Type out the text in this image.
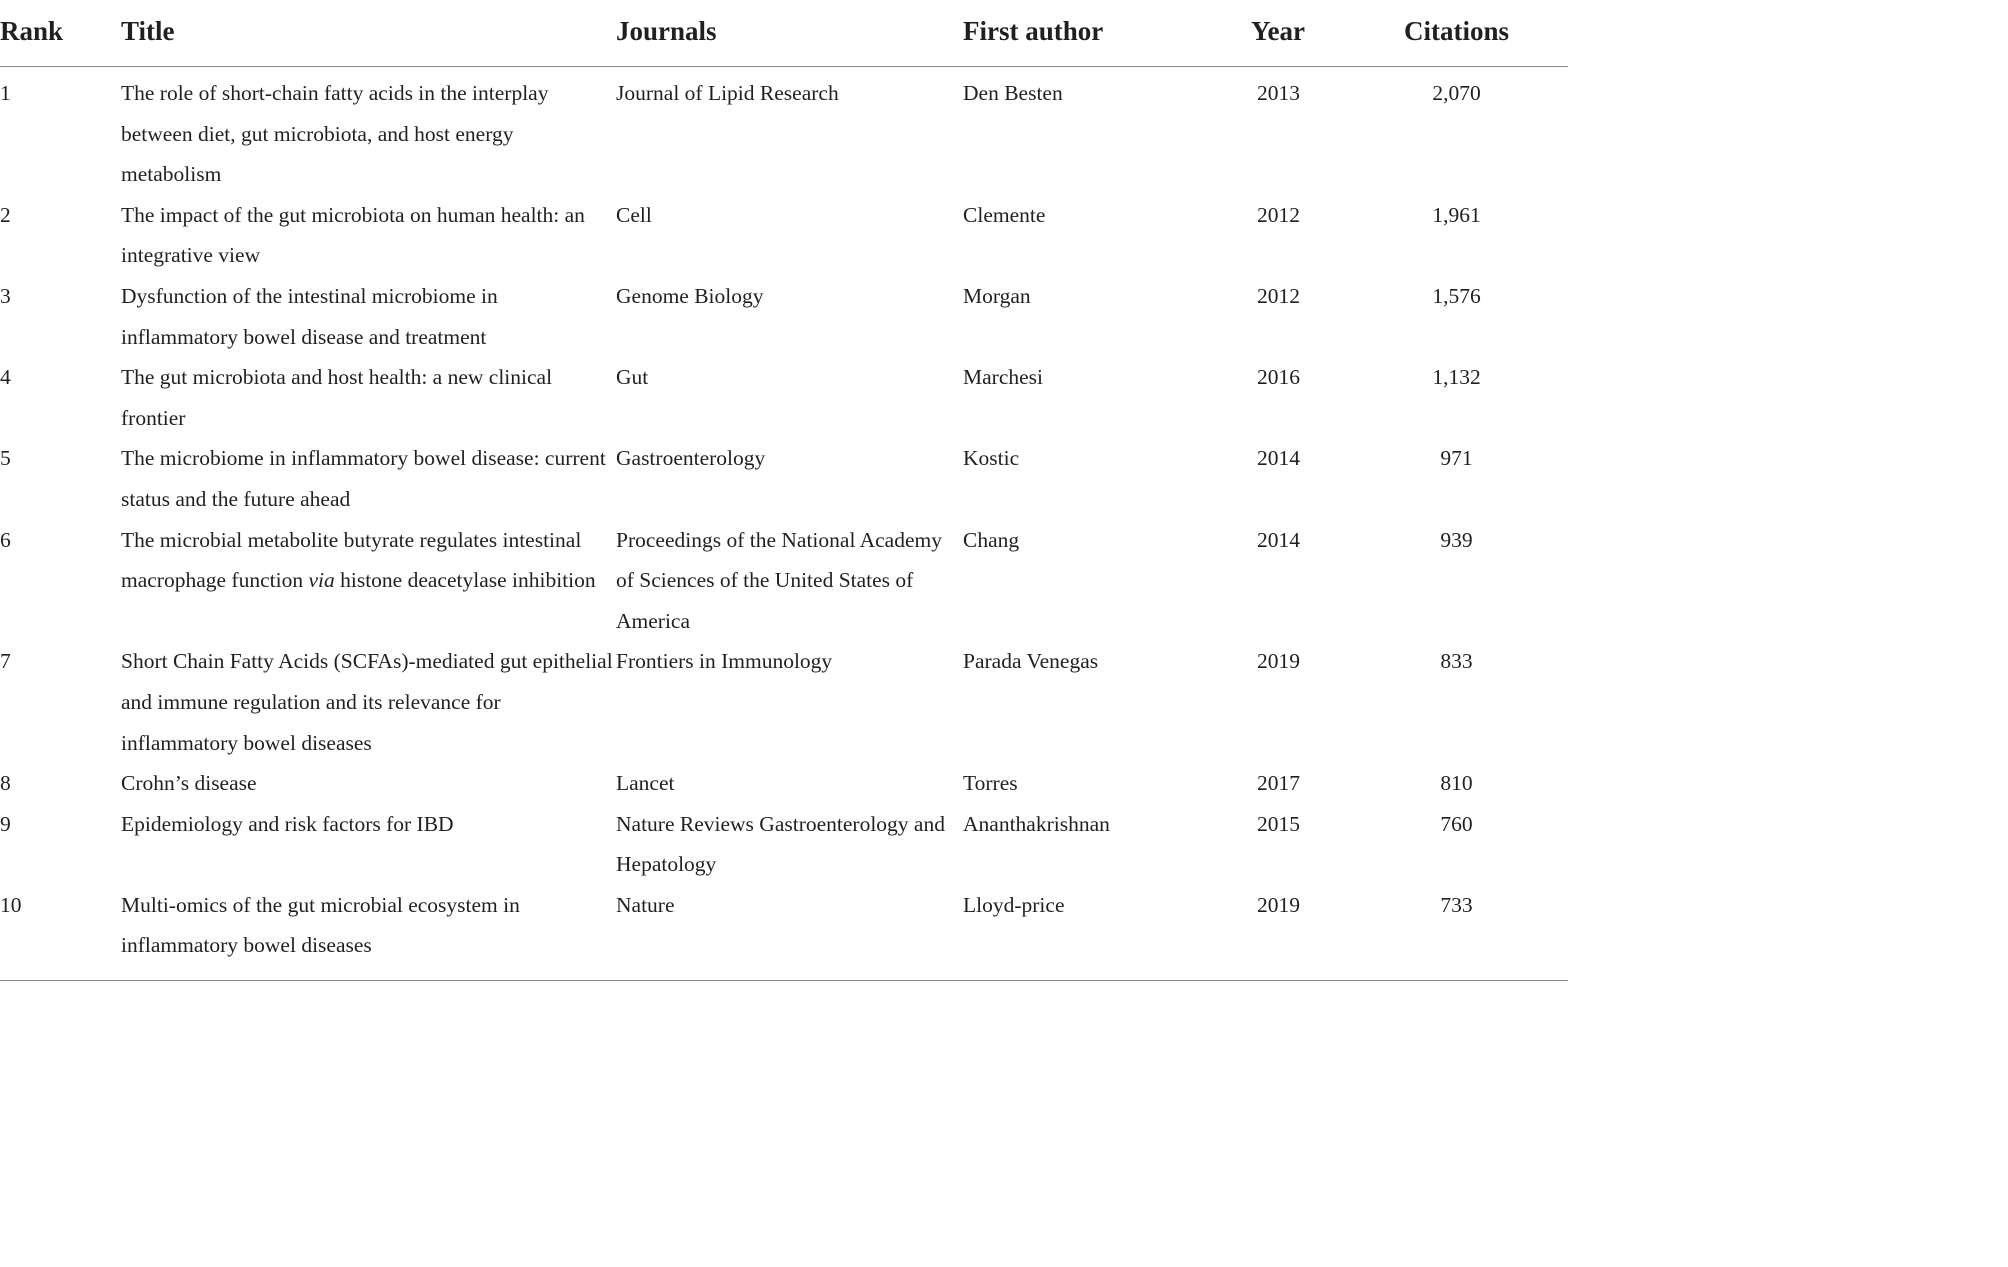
Rank	Title	Journals	First author	Year	Citations
1	The role of short-chain fatty acids in the interplay between diet, gut microbiota, and host energy metabolism	Journal of Lipid Research	Den Besten	2013	2,070
2	The impact of the gut microbiota on human health: an integrative view	Cell	Clemente	2012	1,961
3	Dysfunction of the intestinal microbiome in inflammatory bowel disease and treatment	Genome Biology	Morgan	2012	1,576
4	The gut microbiota and host health: a new clinical frontier	Gut	Marchesi	2016	1,132
5	The microbiome in inflammatory bowel disease: current status and the future ahead	Gastroenterology	Kostic	2014	971
6	The microbial metabolite butyrate regulates intestinal macrophage function via histone deacetylase inhibition	Proceedings of the National Academy of Sciences of the United States of America	Chang	2014	939
7	Short Chain Fatty Acids (SCFAs)-mediated gut epithelial and immune regulation and its relevance for inflammatory bowel diseases	Frontiers in Immunology	Parada Venegas	2019	833
8	Crohn’s disease	Lancet	Torres	2017	810
9	Epidemiology and risk factors for IBD	Nature Reviews Gastroenterology and Hepatology	Ananthakrishnan	2015	760
10	Multi-omics of the gut microbial ecosystem in inflammatory bowel diseases	Nature	Lloyd-price	2019	733
